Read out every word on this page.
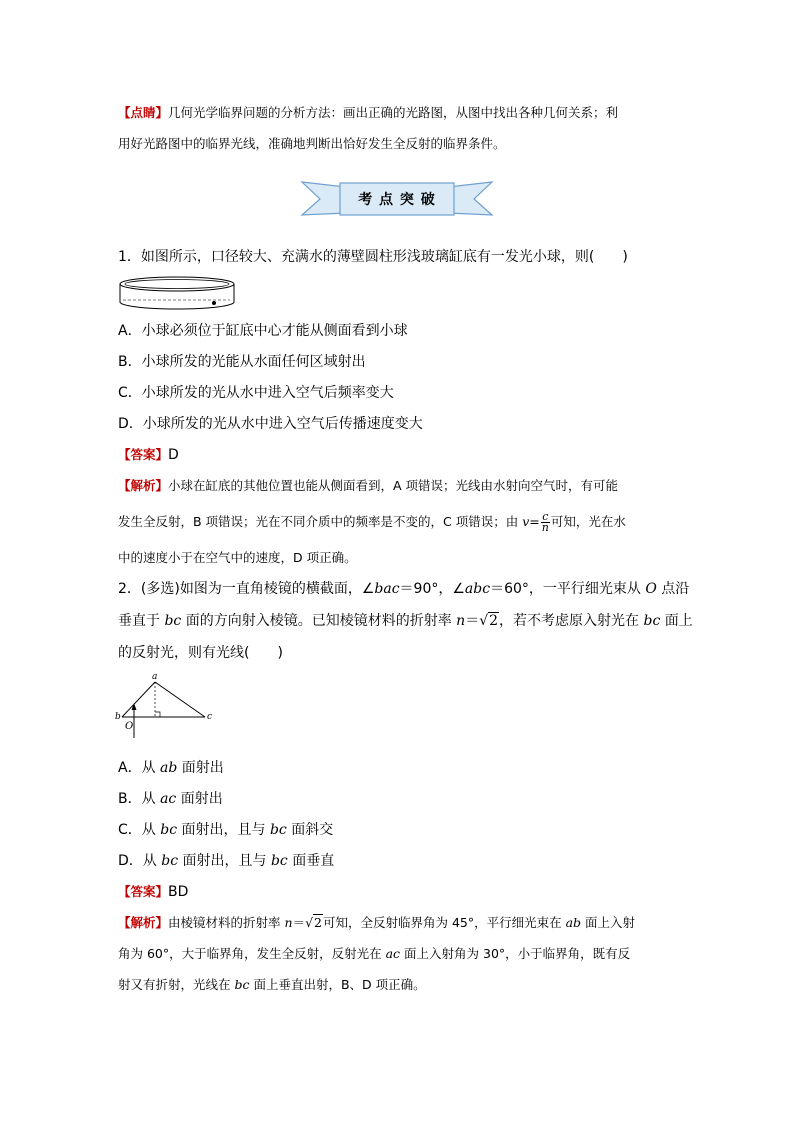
【点睛】几何光学临界问题的分析方法：画出正确的光路图，从图中找出各种几何关系；利
用好光路图中的临界光线，准确地判断出恰好发生全反射的临界条件。
考 点 突 破
1．如图所示，口径较大、充满水的薄壁圆柱形浅玻璃缸底有一发光小球，则(　　)
A．小球必须位于缸底中心才能从侧面看到小球
B．小球所发的光能从水面任何区域射出
C．小球所发的光从水中进入空气后频率变大
D．小球所发的光从水中进入空气后传播速度变大
【答案】D
【解析】小球在缸底的其他位置也能从侧面看到，A 项错误；光线由水射向空气时，有可能
发生全反射，B 项错误；光在不同介质中的频率是不变的，C 项错误；由 $v= \frac{c}{n}$ 可知，光在水
中的速度小于在空气中的速度，D 项正确。
2．(多选)如图为一直角棱镜的横截面，∠bac＝90°，∠abc＝60°，一平行细光束从 O 点沿
垂直于 bc 面的方向射入棱镜。已知棱镜材料的折射率 n＝√2，若不考虑原入射光在 bc 面上
的反射光，则有光线(　　)
a
b	c
O
A．从 ab 面射出
B．从 ac 面射出
C．从 bc 面射出，且与 bc 面斜交
D．从 bc 面射出，且与 bc 面垂直
【答案】BD
【解析】由棱镜材料的折射率 n＝√2可知，全反射临界角为 45°，平行细光束在 ab 面上入射
角为 60°，大于临界角，发生全反射，反射光在 ac 面上入射角为 30°，小于临界角，既有反
射又有折射，光线在 bc 面上垂直出射，B、D 项正确。
